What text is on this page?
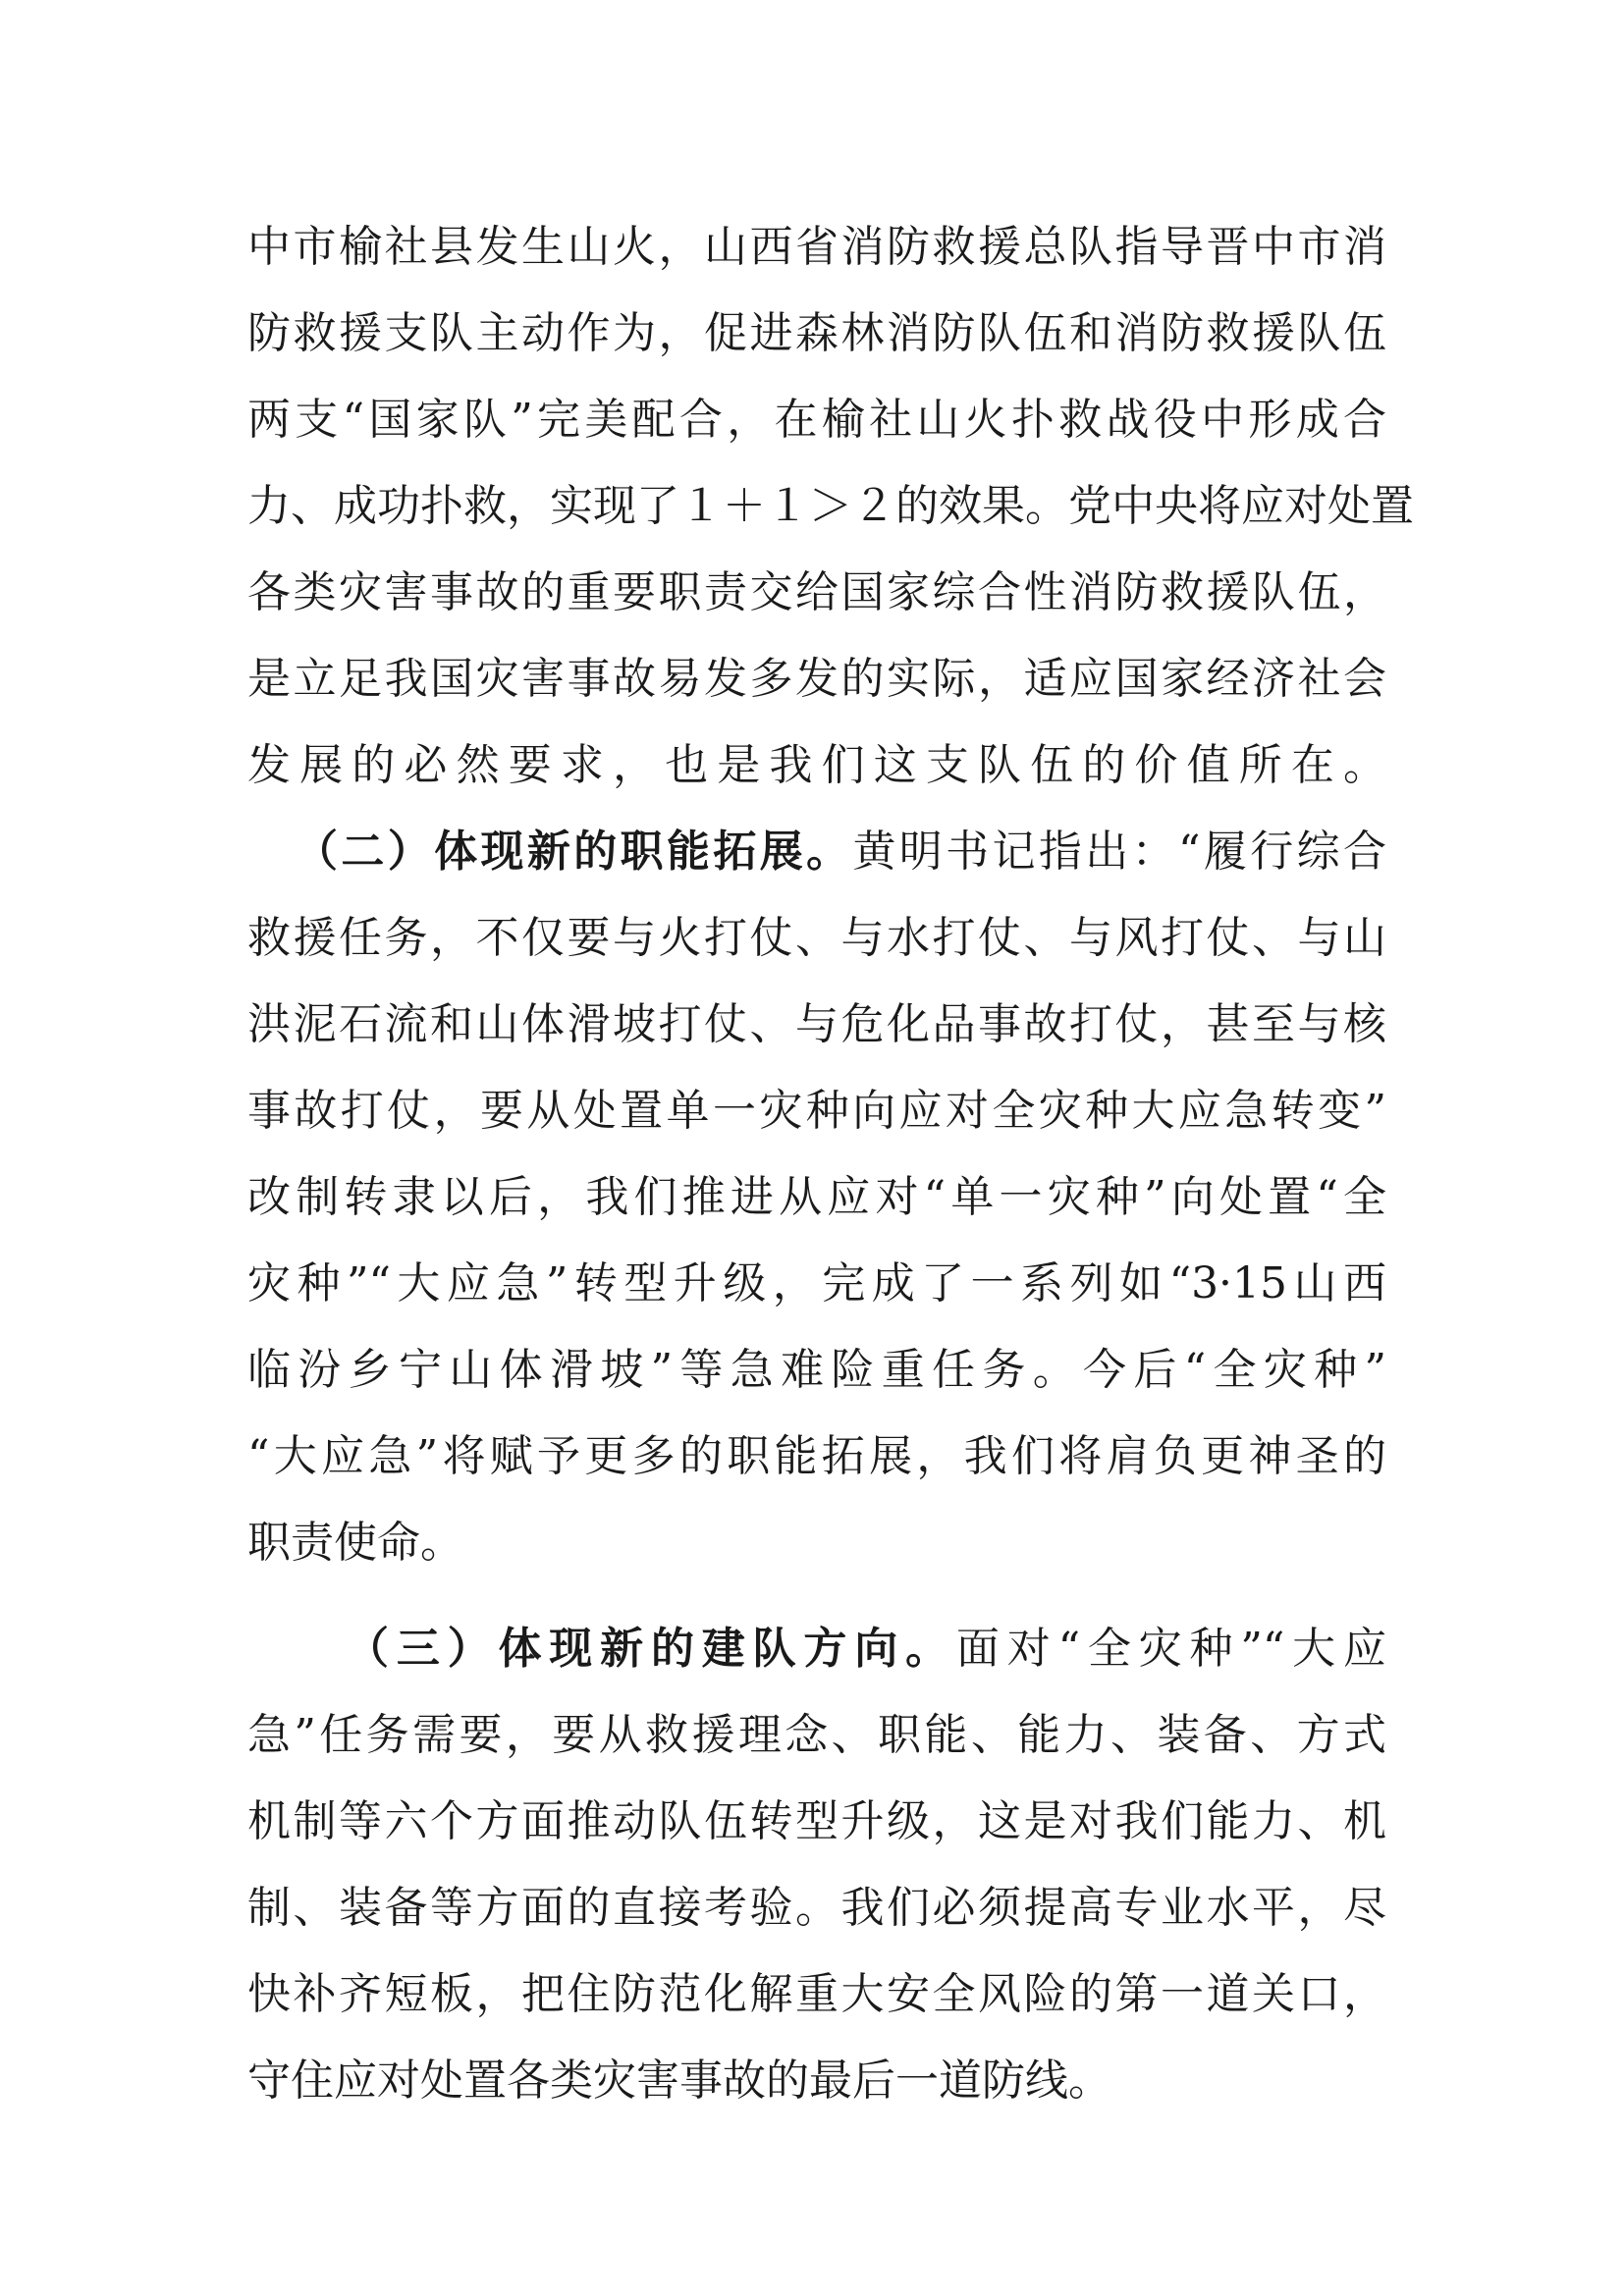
中市榆社县发生山火，山西省消防救援总队指导晋中市消
防救援支队主动作为，促进森林消防队伍和消防救援队伍
两支“国家队”完美配合，在榆社山火扑救战役中形成合
力、成功扑救，实现了１＋１＞２的效果。党中央将应对处置
各类灾害事故的重要职责交给国家综合性消防救援队伍，
是立足我国灾害事故易发多发的实际，适应国家经济社会
发展的必然要求，也是我们这支队伍的价值所在。
（二）体现新的职能拓展。黄明书记指出：“履行综合
救援任务，不仅要与火打仗、与水打仗、与风打仗、与山
洪泥石流和山体滑坡打仗、与危化品事故打仗，甚至与核
事故打仗，要从处置单一灾种向应对全灾种大应急转变”
改制转隶以后，我们推进从应对“单一灾种”向处置“全
灾种”“大应急”转型升级，完成了一系列如“3·15山西
临汾乡宁山体滑坡”等急难险重任务。今后“全灾种”
“大应急”将赋予更多的职能拓展，我们将肩负更神圣的
职责使命。
（三）体现新的建队方向。面对“全灾种”“大应
急”任务需要，要从救援理念、职能、能力、装备、方式
机制等六个方面推动队伍转型升级，这是对我们能力、机
制、装备等方面的直接考验。我们必须提高专业水平，尽
快补齐短板，把住防范化解重大安全风险的第一道关口，
守住应对处置各类灾害事故的最后一道防线。
